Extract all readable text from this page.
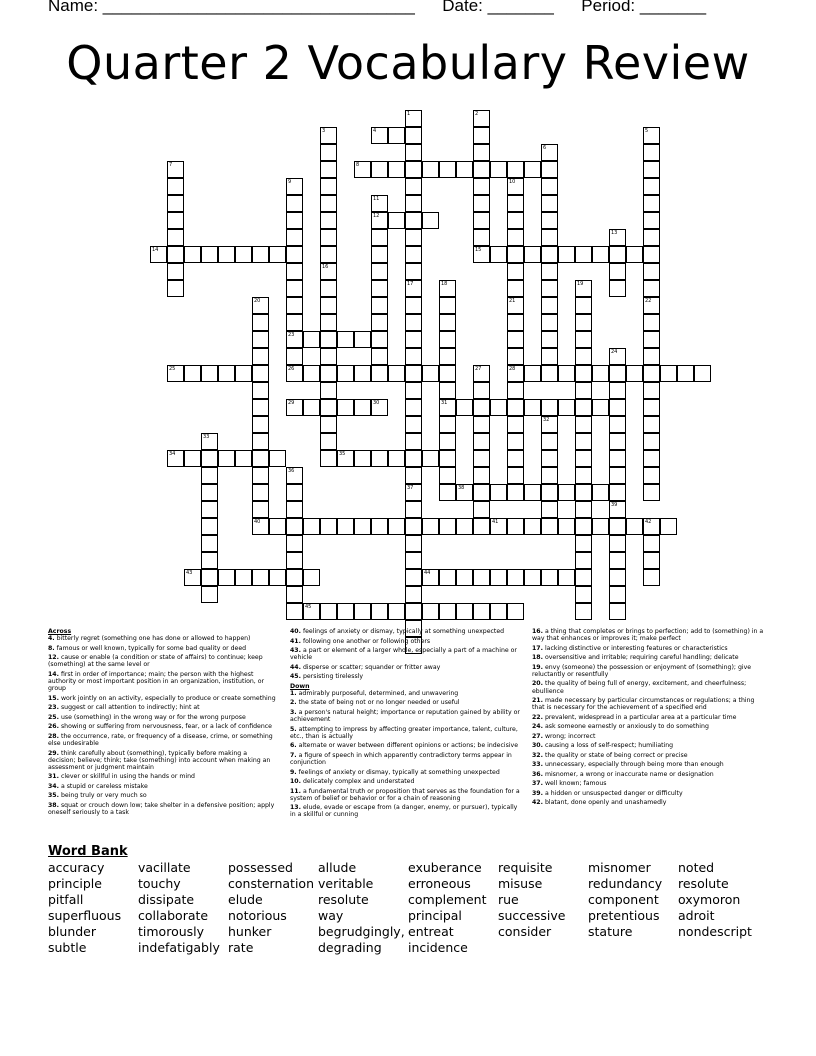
Name: _________________________________ Date: _______ Period: _______
Quarter 2 Vocabulary Review
1	2
3	4	5
6
7	8
9	10
11
12
13
14	15
16
17	18	19
20	21	22
23
24
25	26	27	28
29	30	31
32
33
34	35
36
37	38
39
40	41	42
43	44
45
Across
4. bitterly regret (something one has done or allowed to happen)
8. famous or well known, typically for some bad quality or deed
12. cause or enable (a condition or state of affairs) to continue; keep (something) at the same level or
14. first in order of importance; main; the person with the highest authority or most important position in an organization, institution, or group
15. work jointly on an activity, especially to produce or create something
23. suggest or call attention to indirectly; hint at
25. use (something) in the wrong way or for the wrong purpose
26. showing or suffering from nervousness, fear, or a lack of confidence
28. the occurrence, rate, or frequency of a disease, crime, or something else undesirable
29. think carefully about (something), typically before making a decision; believe; think; take (something) into account when making an assessment or judgment maintain
31. clever or skillful in using the hands or mind
34. a stupid or careless mistake
35. being truly or very much so
38. squat or crouch down low; take shelter in a defensive position; apply oneself seriously to a task
40. feelings of anxiety or dismay, typically at something unexpected
41. following one another or following others
43. a part or element of a larger whole, especially a part of a machine or vehicle
44. disperse or scatter; squander or fritter away
45. persisting tirelessly
Down
1. admirably purposeful, determined, and unwavering
2. the state of being not or no longer needed or useful
3. a person's natural height; importance or reputation gained by ability or achievement
5. attempting to impress by affecting greater importance, talent, culture, etc., than is actually
6. alternate or waver between different opinions or actions; be indecisive
7. a figure of speech in which apparently contradictory terms appear in conjunction
9. feelings of anxiety or dismay, typically at something unexpected
10. delicately complex and understated
11. a fundamental truth or proposition that serves as the foundation for a system of belief or behavior or for a chain of reasoning
13. elude, evade or escape from (a danger, enemy, or pursuer), typically in a skillful or cunning
16. a thing that completes or brings to perfection; add to (something) in a way that enhances or improves it; make perfect
17. lacking distinctive or interesting features or characteristics
18. oversensitive and irritable; requiring careful handling; delicate
19. envy (someone) the possession or enjoyment of (something); give reluctantly or resentfully
20. the quality of being full of energy, excitement, and cheerfulness; ebullience
21. made necessary by particular circumstances or regulations; a thing that is necessary for the achievement of a specified end
22. prevalent, widespread in a particular area at a particular time
24. ask someone earnestly or anxiously to do something
27. wrong; incorrect
30. causing a loss of self-respect; humiliating
32. the quality or state of being correct or precise
33. unnecessary, especially through being more than enough
36. misnomer, a wrong or inaccurate name or designation
37. well known; famous
39. a hidden or unsuspected danger or difficulty
42. blatant, done openly and unashamedly
Word Bank
accuracy
principle
pitfall
superfluous
blunder
subtle
vacillate
touchy
dissipate
collaborate
timorously
indefatigably
possessed
consternation
elude
notorious
hunker
rate
allude
veritable
resolute
way
begrudgingly,
degrading
exuberance
erroneous
complement
principal
entreat
incidence
requisite
misuse
rue
successive
consider
misnomer
redundancy
component
pretentious
stature
noted
resolute
oxymoron
adroit
nondescript
